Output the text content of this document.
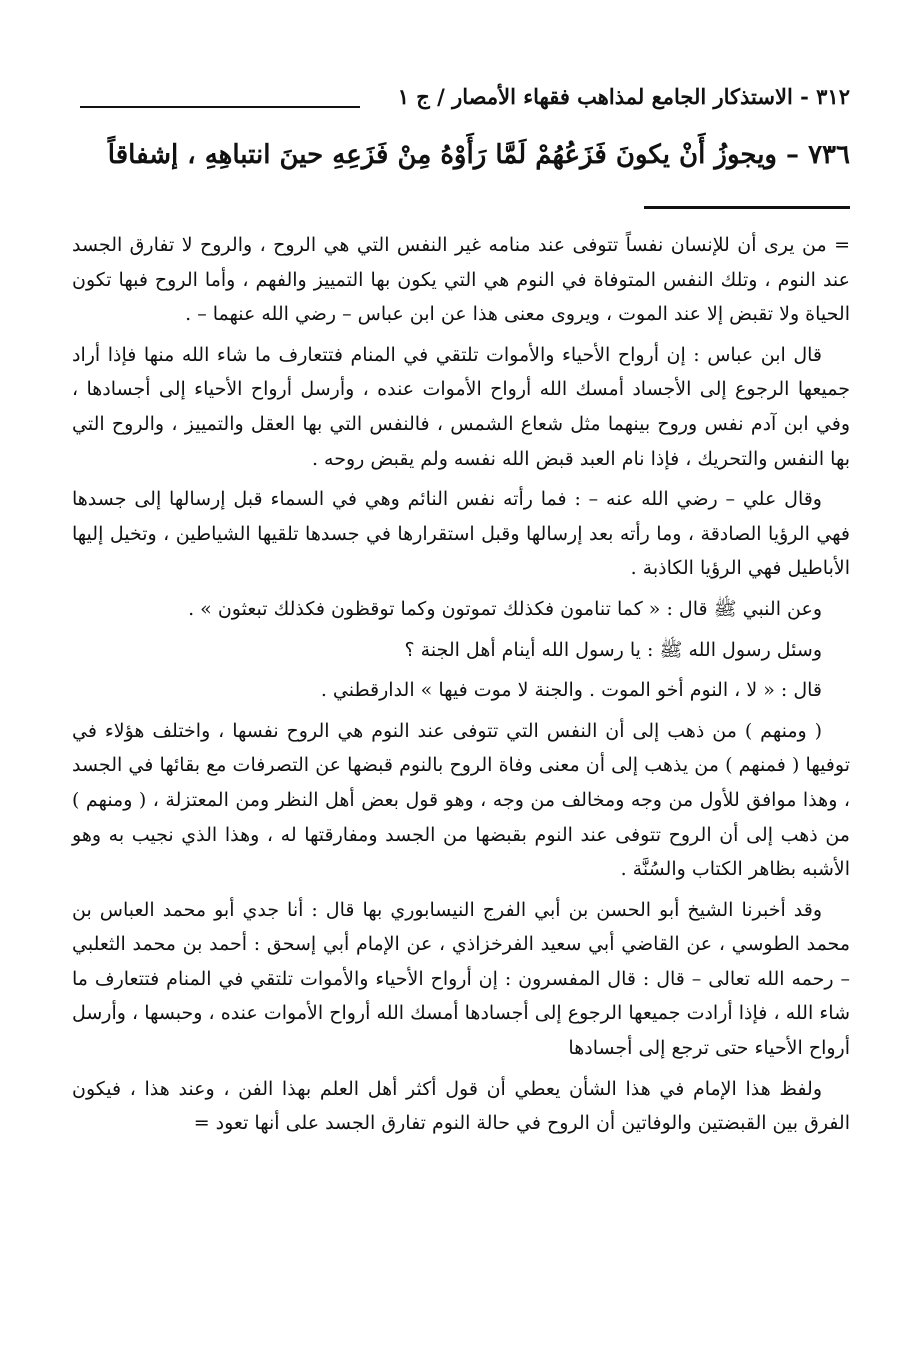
٣١٢ - الاستذكار الجامع لمذاهب فقهاء الأمصار / ج ١
٧٣٦ – ويجوزُ أَنْ يكونَ فَزَعُهُمْ لَمَّا رَأَوْهُ مِنْ فَزَعِهِ حينَ انتباهِهِ ، إشفاقاً

= من يرى أن للإنسان نفساً تتوفى عند منامه غير النفس التي هي الروح ، والروح لا تفارق الجسد عند النوم ، وتلك النفس المتوفاة في النوم هي التي يكون بها التمييز والفهم ، وأما الروح فبها تكون الحياة ولا تقبض إلا عند الموت ، ويروى معنى هذا عن ابن عباس – رضي الله عنهما – .

قال ابن عباس : إن أرواح الأحياء والأموات تلتقي في المنام فتتعارف ما شاء الله منها فإذا أراد جميعها الرجوع إلى الأجساد أمسك الله أرواح الأموات عنده ، وأرسل أرواح الأحياء إلى أجسادها ، وفي ابن آدم نفس وروح بينهما مثل شعاع الشمس ، فالنفس التي بها العقل والتمييز ، والروح التي بها النفس والتحريك ، فإذا نام العبد قبض الله نفسه ولم يقبض روحه .

وقال علي – رضي الله عنه – : فما رأته نفس النائم وهي في السماء قبل إرسالها إلى جسدها فهي الرؤيا الصادقة ، وما رأته بعد إرسالها وقبل استقرارها في جسدها تلقيها الشياطين ، وتخيل إليها الأباطيل فهي الرؤيا الكاذبة .

وعن النبي ﷺ قال : « كما تنامون فكذلك تموتون وكما توقظون فكذلك تبعثون » .

وسئل رسول الله ﷺ : يا رسول الله أينام أهل الجنة ؟

قال : « لا ، النوم أخو الموت . والجنة لا موت فيها » الدارقطني .

( ومنهم ) من ذهب إلى أن النفس التي تتوفى عند النوم هي الروح نفسها ، واختلف هؤلاء في توفيها ( فمنهم ) من يذهب إلى أن معنى وفاة الروح بالنوم قبضها عن التصرفات مع بقائها في الجسد ، وهذا موافق للأول من وجه ومخالف من وجه ، وهو قول بعض أهل النظر ومن المعتزلة ، ( ومنهم ) من ذهب إلى أن الروح تتوفى عند النوم بقبضها من الجسد ومفارقتها له ، وهذا الذي نجيب به وهو الأشبه بظاهر الكتاب والسُنَّة .

وقد أخبرنا الشيخ أبو الحسن بن أبي الفرج النيسابوري بها قال : أنا جدي أبو محمد العباس بن محمد الطوسي ، عن القاضي أبي سعيد الفرخزاذي ، عن الإمام أبي إسحق : أحمد بن محمد الثعلبي – رحمه الله تعالى – قال : قال المفسرون : إن أرواح الأحياء والأموات تلتقي في المنام فتتعارف ما شاء الله ، فإذا أرادت جميعها الرجوع إلى أجسادها أمسك الله أرواح الأموات عنده ، وحبسها ، وأرسل أرواح الأحياء حتى ترجع إلى أجسادها

ولفظ هذا الإمام في هذا الشأن يعطي أن قول أكثر أهل العلم بهذا الفن ، وعند هذا ، فيكون الفرق بين القبضتين والوفاتين أن الروح في حالة النوم تفارق الجسد على أنها تعود =
